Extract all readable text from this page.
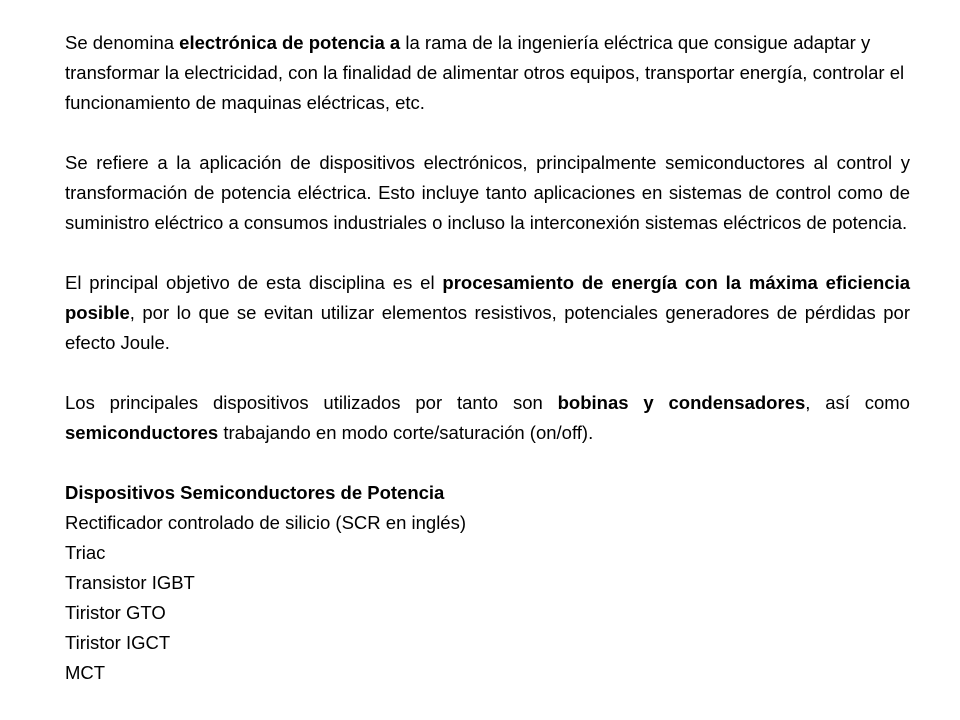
Se denomina electrónica de potencia a la rama de la ingeniería eléctrica que consigue adaptar y transformar la electricidad, con la finalidad de alimentar otros equipos, transportar energía, controlar el funcionamiento de maquinas eléctricas, etc.

Se refiere a la aplicación de dispositivos electrónicos, principalmente semiconductores al control y transformación de potencia eléctrica. Esto incluye tanto aplicaciones en sistemas de control como de suministro eléctrico a consumos industriales o incluso la interconexión sistemas eléctricos de potencia.

El principal objetivo de esta disciplina es el procesamiento de energía con la máxima eficiencia posible, por lo que se evitan utilizar elementos resistivos, potenciales generadores de pérdidas por efecto Joule.

Los principales dispositivos utilizados por tanto son bobinas y condensadores, así como semiconductores trabajando en modo corte/saturación (on/off).

Dispositivos Semiconductores de Potencia

Rectificador controlado de silicio (SCR en inglés)
Triac
Transistor IGBT
Tiristor GTO
Tiristor IGCT
MCT
